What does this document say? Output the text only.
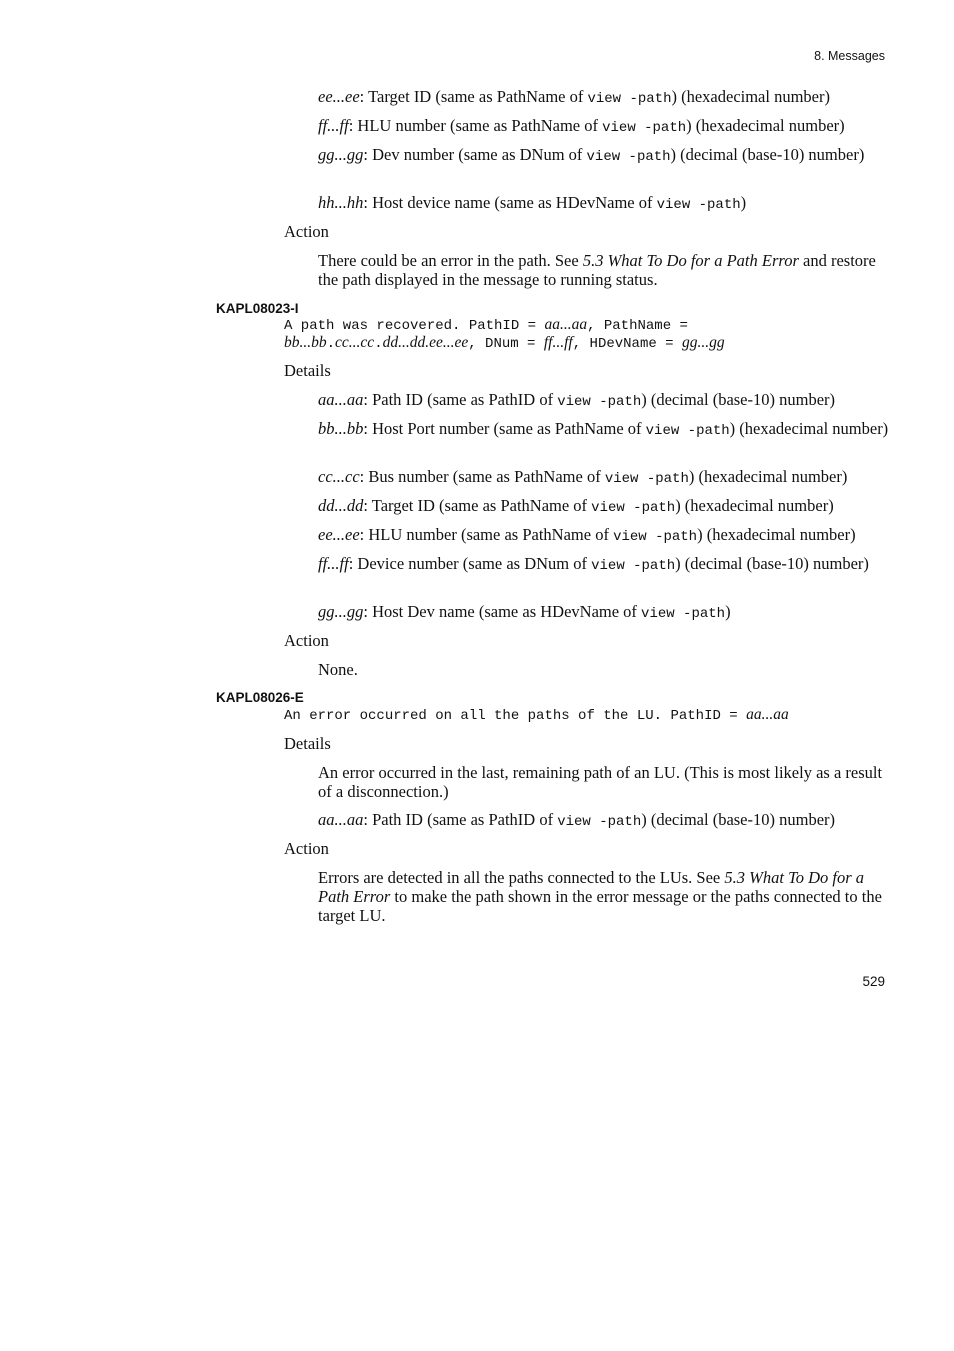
8. Messages
ee...ee: Target ID (same as PathName of view -path) (hexadecimal number)
ff...ff: HLU number (same as PathName of view -path) (hexadecimal number)
gg...gg: Dev number (same as DNum of view -path) (decimal (base-10) number)
hh...hh: Host device name (same as HDevName of view -path)
Action
There could be an error in the path. See 5.3 What To Do for a Path Error and restore the path displayed in the message to running status.
KAPL08023-I
A path was recovered. PathID = aa...aa, PathName =
bb...bb.cc...cc.dd...dd.ee...ee, DNum = ff...ff, HDevName = gg...gg
Details
aa...aa: Path ID (same as PathID of view -path) (decimal (base-10) number)
bb...bb: Host Port number (same as PathName of view -path) (hexadecimal number)
cc...cc: Bus number (same as PathName of view -path) (hexadecimal number)
dd...dd: Target ID (same as PathName of view -path) (hexadecimal number)
ee...ee: HLU number (same as PathName of view -path) (hexadecimal number)
ff...ff: Device number (same as DNum of view -path) (decimal (base-10) number)
gg...gg: Host Dev name (same as HDevName of view -path)
Action
None.
KAPL08026-E
An error occurred on all the paths of the LU. PathID = aa...aa
Details
An error occurred in the last, remaining path of an LU. (This is most likely as a result of a disconnection.)
aa...aa: Path ID (same as PathID of view -path) (decimal (base-10) number)
Action
Errors are detected in all the paths connected to the LUs. See 5.3 What To Do for a Path Error to make the path shown in the error message or the paths connected to the target LU.
529
